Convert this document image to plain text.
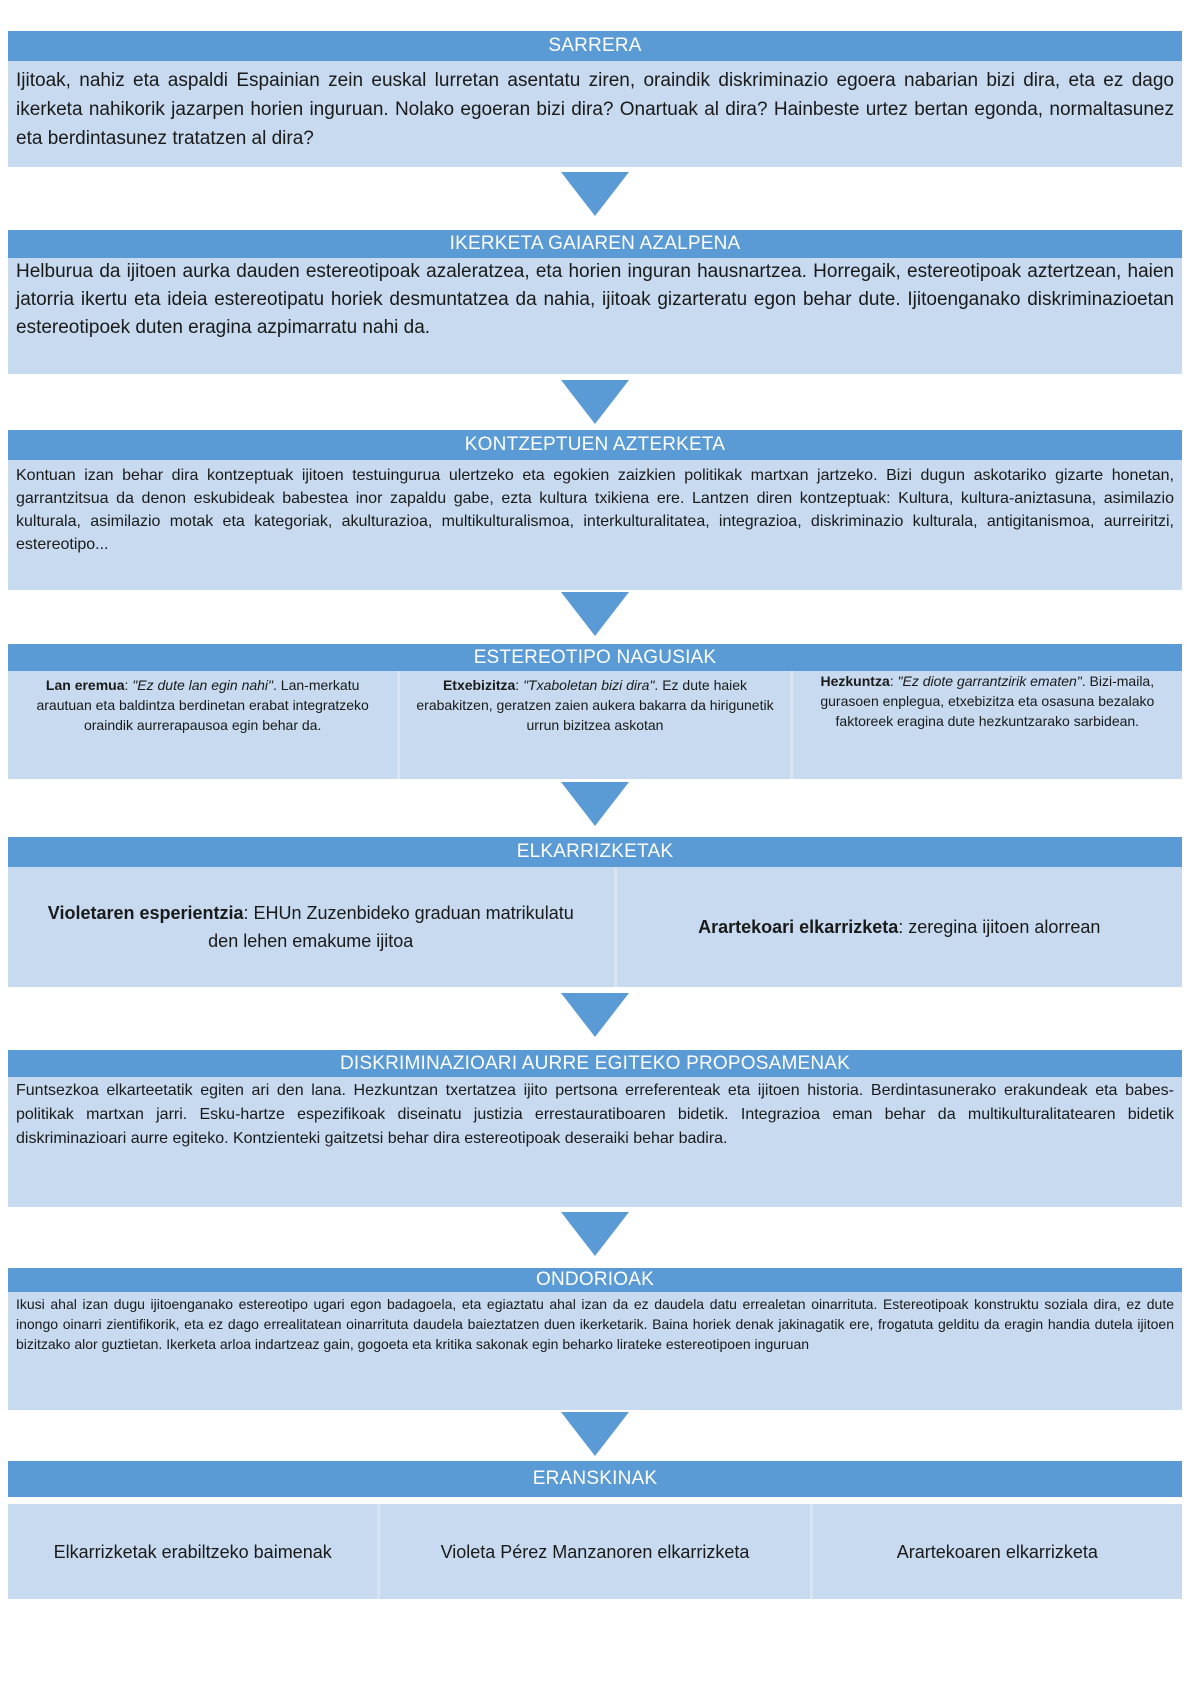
SARRERA
Ijitoak, nahiz eta aspaldi Espainian zein euskal lurretan asentatu ziren, oraindik diskriminazio egoera nabarian bizi dira, eta ez dago ikerketa nahikorik jazarpen horien inguruan. Nolako egoeran bizi dira? Onartuak al dira? Hainbeste urtez bertan egonda, normaltasunez eta berdintasunez tratatzen al dira?
IKERKETA GAIAREN AZALPENA
Helburua da ijitoen aurka dauden estereotipoak azaleratzea, eta horien inguran hausnartzea. Horregaik, estereotipoak aztertzean, haien jatorria ikertu eta ideia estereotipatu horiek desmuntatzea da nahia, ijitoak gizarteratu egon behar dute. Ijitoenganako diskriminazioetan estereotipoek duten eragina azpimarratu nahi da.
KONTZEPTUEN AZTERKETA
Kontuan izan behar dira kontzeptuak ijitoen testuingurua ulertzeko eta egokien zaizkien politikak martxan jartzeko. Bizi dugun askotariko gizarte honetan, garrantzitsua da denon eskubideak babestea inor zapaldu gabe, ezta kultura txikiena ere. Lantzen diren kontzeptuak: Kultura, kultura-aniztasuna, asimilazio kulturala, asimilazio motak eta kategoriak, akulturazioa, multikulturalismoa, interkulturalitatea, integrazioa, diskriminazio kulturala, antigitanismoa, aurreiritzi, estereotipo...
ESTEREOTIPO NAGUSIAK
Lan eremua: "Ez dute lan egin nahi". Lan-merkatu arautuan eta baldintza berdinetan erabat integratzeko oraindik aurrerapausoa egin behar da.
Etxebizitza: "Txaboletan bizi dira". Ez dute haiek erabakitzen, geratzen zaien aukera bakarra da hirigunetik urrun bizitzea askotan
Hezkuntza: "Ez diote garrantzirik ematen". Bizi-maila, gurasoen enplegua, etxebizitza eta osasuna bezalako faktoreek eragina dute hezkuntzarako sarbidean.
ELKARRIZKETAK
Violetaren esperientzia: EHUn Zuzenbideko graduan matrikulatu den lehen emakume ijitoa
Arartekoari elkarrizketa: zeregina ijitoen alorrean
DISKRIMINAZIOARI AURRE EGITEKO PROPOSAMENAK
Funtsezkoa elkarteetatik egiten ari den lana. Hezkuntzan txertatzea ijito pertsona erreferenteak eta ijitoen historia. Berdintasunerako erakundeak eta babes-politikak martxan jarri. Esku-hartze espezifikoak diseinatu justizia errestauratiboaren bidetik. Integrazioa eman behar da multikulturalitatearen bidetik diskriminazioari aurre egiteko. Kontzienteki gaitzetsi behar dira estereotipoak deseraiki behar badira.
ONDORIOAK
Ikusi ahal izan dugu ijitoenganako estereotipo ugari egon badagoela, eta egiaztatu ahal izan da ez daudela datu errealetan oinarrituta. Estereotipoak konstruktu soziala dira, ez dute inongo oinarri zientifikorik, eta ez dago errealitatean oinarrituta daudela baieztatzen duen ikerketarik. Baina horiek denak jakinagatik ere, frogatuta gelditu da eragin handia dutela ijitoen bizitzako alor guztietan. Ikerketa arloa indartzeaz gain, gogoeta eta kritika sakonak egin beharko lirateke estereotipoen inguruan
ERANSKINAK
Elkarrizketak erabiltzeko baimenak	Violeta Pérez Manzanoren elkarrizketa	Arartekoaren elkarrizketa
